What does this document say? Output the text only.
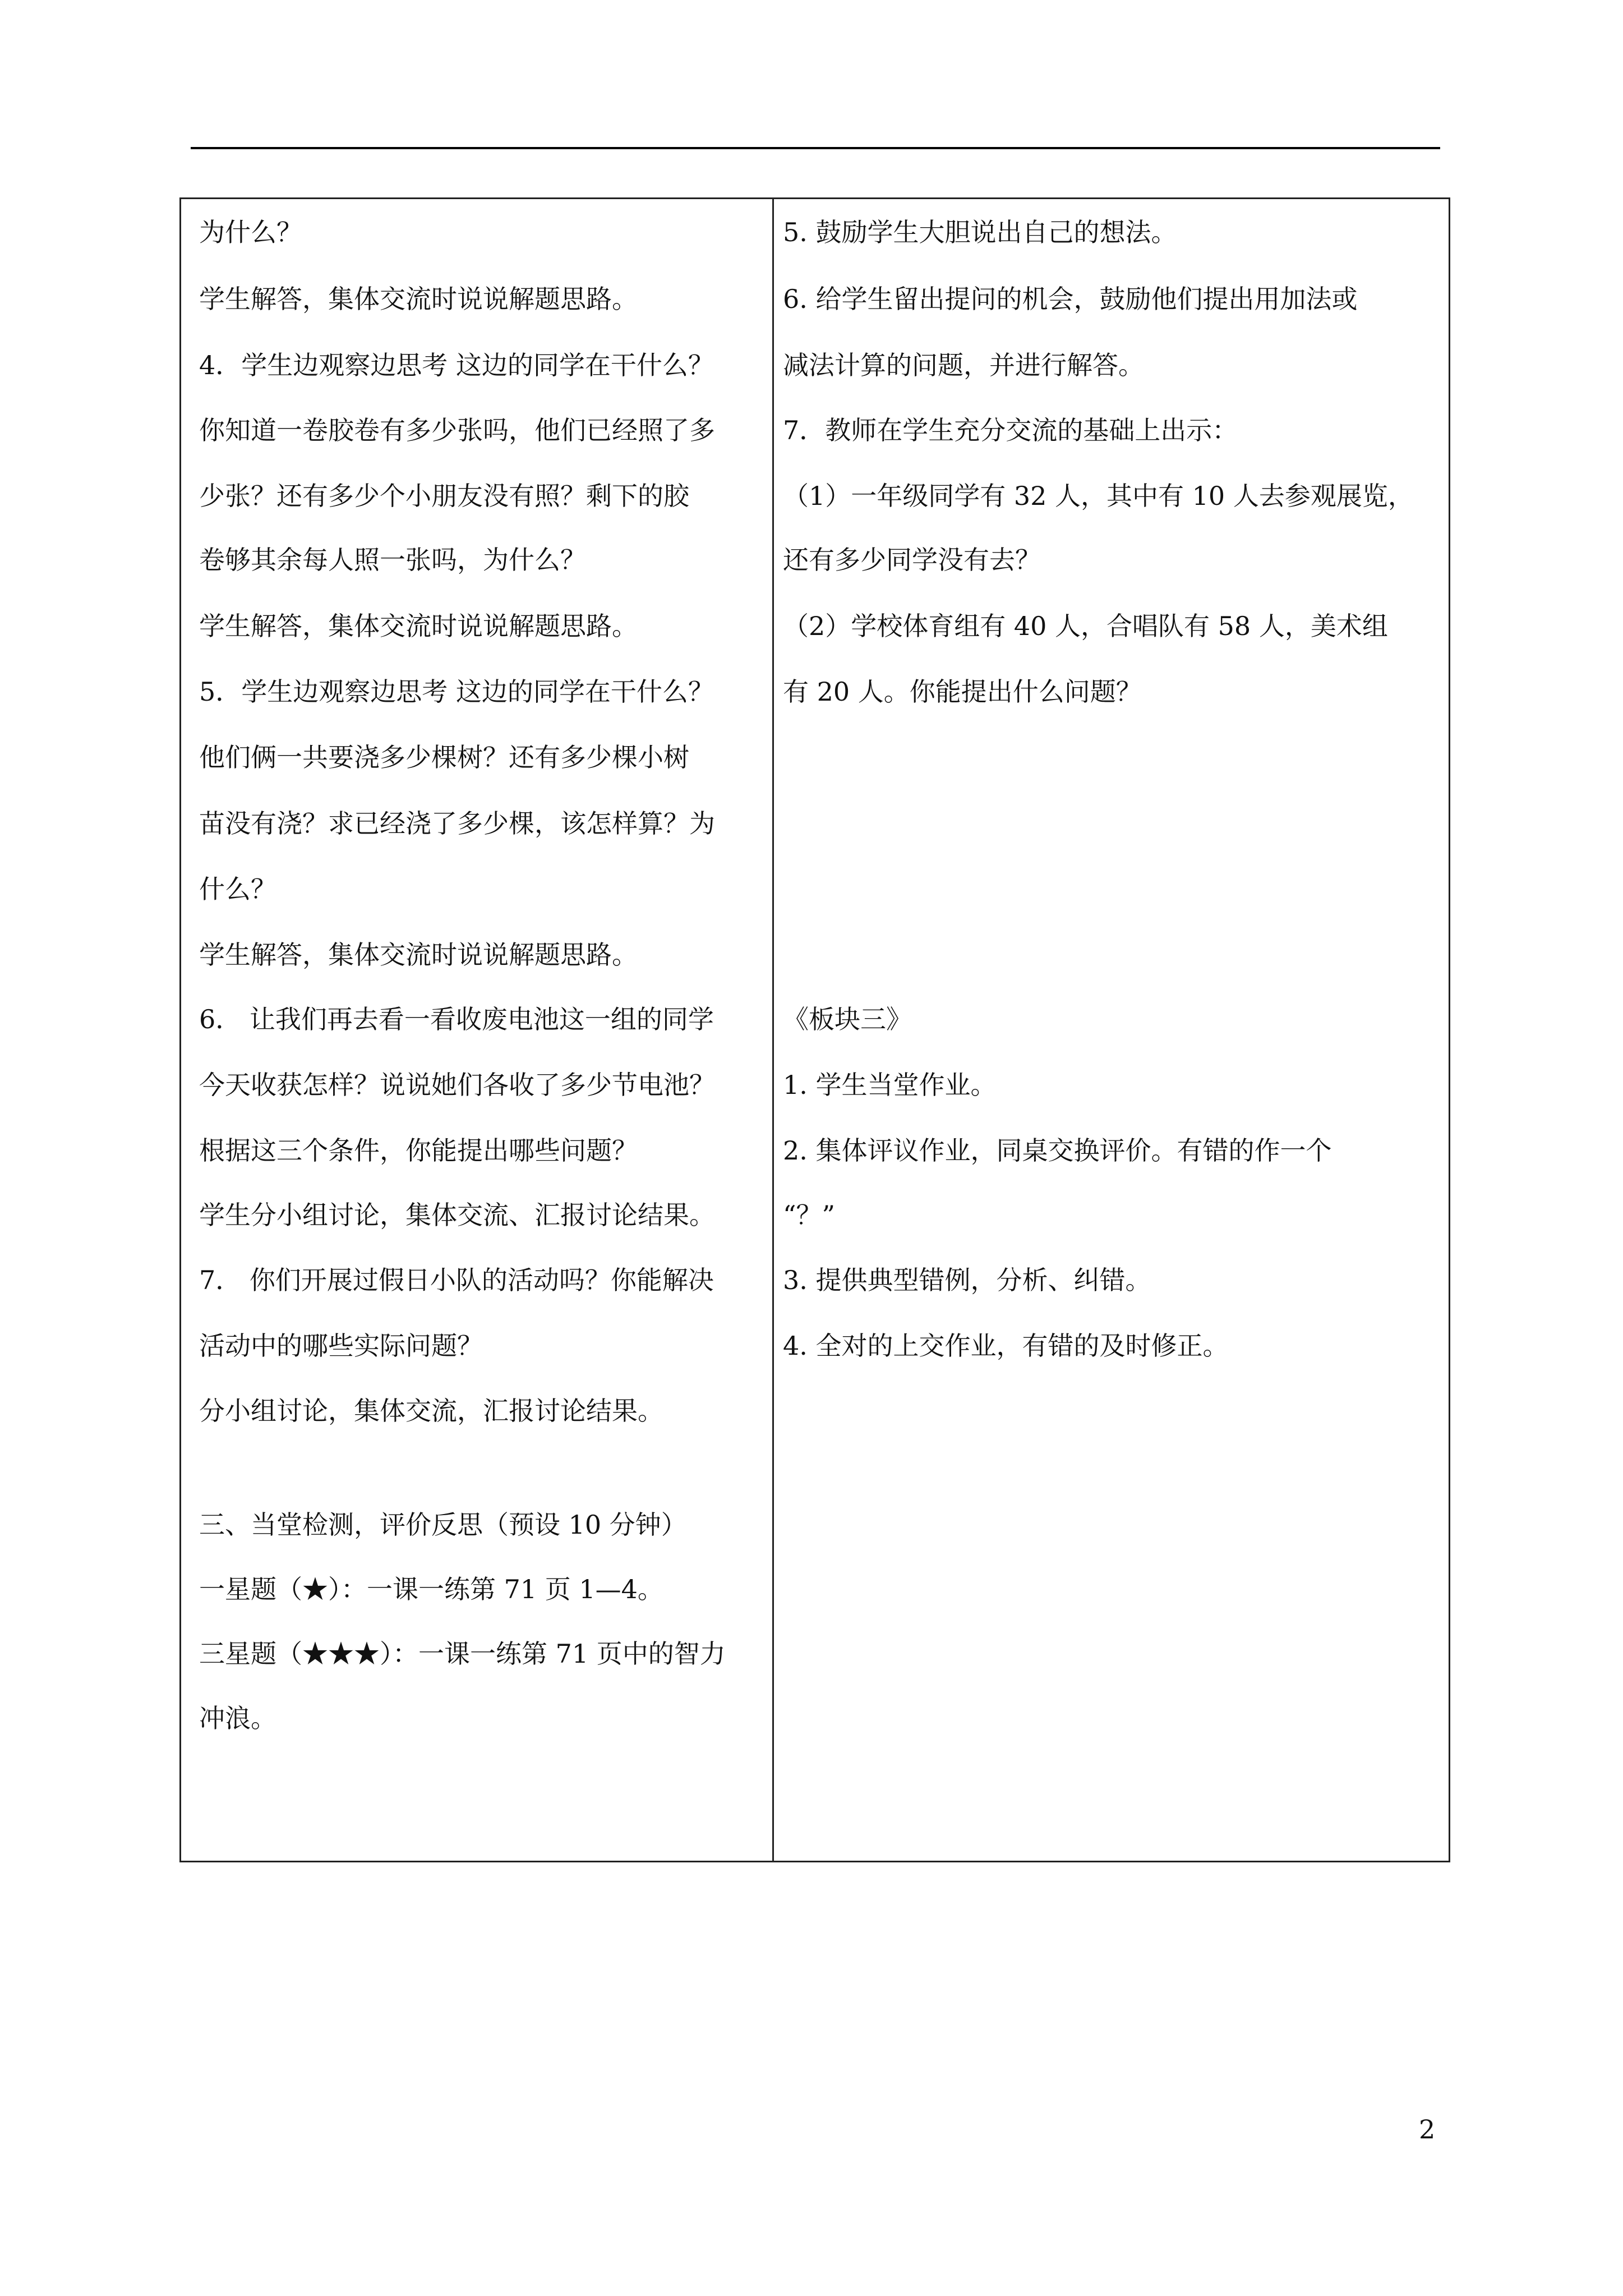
为什么？
学生解答，集体交流时说说解题思路。
4．学生边观察边思考 这边的同学在干什么？
你知道一卷胶卷有多少张吗，他们已经照了多
少张？还有多少个小朋友没有照？剩下的胶
卷够其余每人照一张吗，为什么？
学生解答，集体交流时说说解题思路。
5．学生边观察边思考 这边的同学在干什么？
他们俩一共要浇多少棵树？还有多少棵小树
苗没有浇？求已经浇了多少棵，该怎样算？为
什么？
学生解答，集体交流时说说解题思路。
6． 让我们再去看一看收废电池这一组的同学
今天收获怎样？说说她们各收了多少节电池？
根据这三个条件，你能提出哪些问题？
学生分小组讨论，集体交流、汇报讨论结果。
7． 你们开展过假日小队的活动吗？你能解决
活动中的哪些实际问题？
分小组讨论，集体交流，汇报讨论结果。
三、当堂检测，评价反思（预设 10 分钟）
一星题（★）：一课一练第 71 页 1—4。
三星题（★★★）：一课一练第 71 页中的智力
冲浪。
5. 鼓励学生大胆说出自己的想法。
6. 给学生留出提问的机会，鼓励他们提出用加法或
减法计算的问题，并进行解答。
7．教师在学生充分交流的基础上出示：
（1）一年级同学有 32 人，其中有 10 人去参观展览，
还有多少同学没有去？
（2）学校体育组有 40 人，合唱队有 58 人，美术组
有 20 人。你能提出什么问题？
《板块三》
1. 学生当堂作业。
2. 集体评议作业，同桌交换评价。有错的作一个
“？”
3. 提供典型错例，分析、纠错。
4. 全对的上交作业，有错的及时修正。
2
